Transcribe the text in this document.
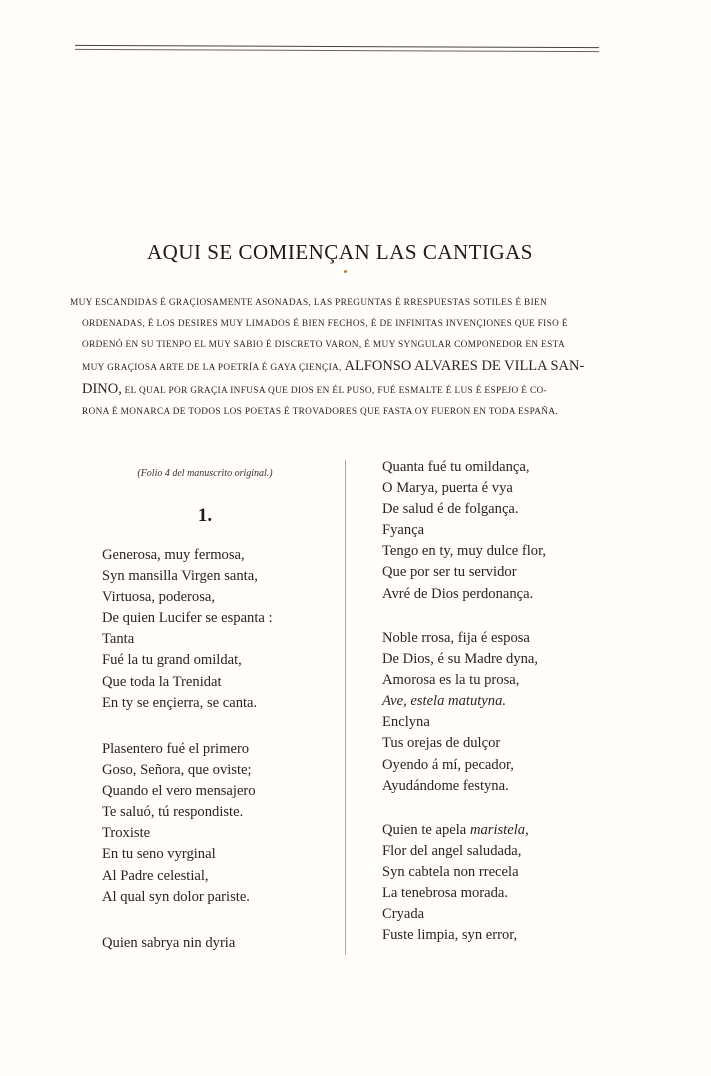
AQUI SE COMIENÇAN LAS CANTIGAS
MUY ESCANDIDAS É GRAÇIOSAMENTE ASONADAS, LAS PREGUNTAS É RRESPUESTAS SOTILES É BIEN
ORDENADAS, É LOS DESIRES MUY LIMADOS É BIEN FECHOS, É DE INFINITAS INVENÇIONES QUE FISO É
ORDENÓ EN SU TIENPO EL MUY SABIO É DISCRETO VARON, É MUY SYNGULAR COMPONEDOR EN ESTA
MUY GRAÇIOSA ARTE DE LA POETRÍA É GAYA ÇIENÇIA, ALFONSO ALVARES DE VILLA SAN-
DINO, EL QUAL POR GRAÇIA INFUSA QUE DIOS EN ÉL PUSO, FUÉ ESMALTE É LUS É ESPEJO É CO-
RONA É MONARCA DE TODOS LOS POETAS É TROVADORES QUE FASTA OY FUERON EN TODA ESPAÑA.
(Folio 4 del manuscrito original.)
1.
Generosa, muy fermosa,
Syn mansilla Virgen santa,
Virtuosa, poderosa,
De quien Lucifer se espanta :
Tanta
Fué la tu grand omildat,
Que toda la Trenidat
En ty se ençierra, se canta.
Plasentero fué el primero
Goso, Señora, que oviste;
Quando el vero mensajero
Te saluó, tú respondiste.
Troxiste
En tu seno vyrginal
Al Padre celestial,
Al qual syn dolor pariste.
Quien sabrya nin dyria
Quanta fué tu omildança,
O Marya, puerta é vya
De salud é de folgança.
Fyança
Tengo en ty, muy dulce flor,
Que por ser tu servidor
Avré de Dios perdonança.
Noble rrosa, fija é esposa
De Dios, é su Madre dyna,
Amorosa es la tu prosa,
Ave, estela matutyna.
Enclyna
Tus orejas de dulçor
Oyendo á mí, pecador,
Ayudándome festyna.
Quien te apela maristela,
Flor del angel saludada,
Syn cabtela non rrecela
La tenebrosa morada.
Cryada
Fuste limpia, syn error,
